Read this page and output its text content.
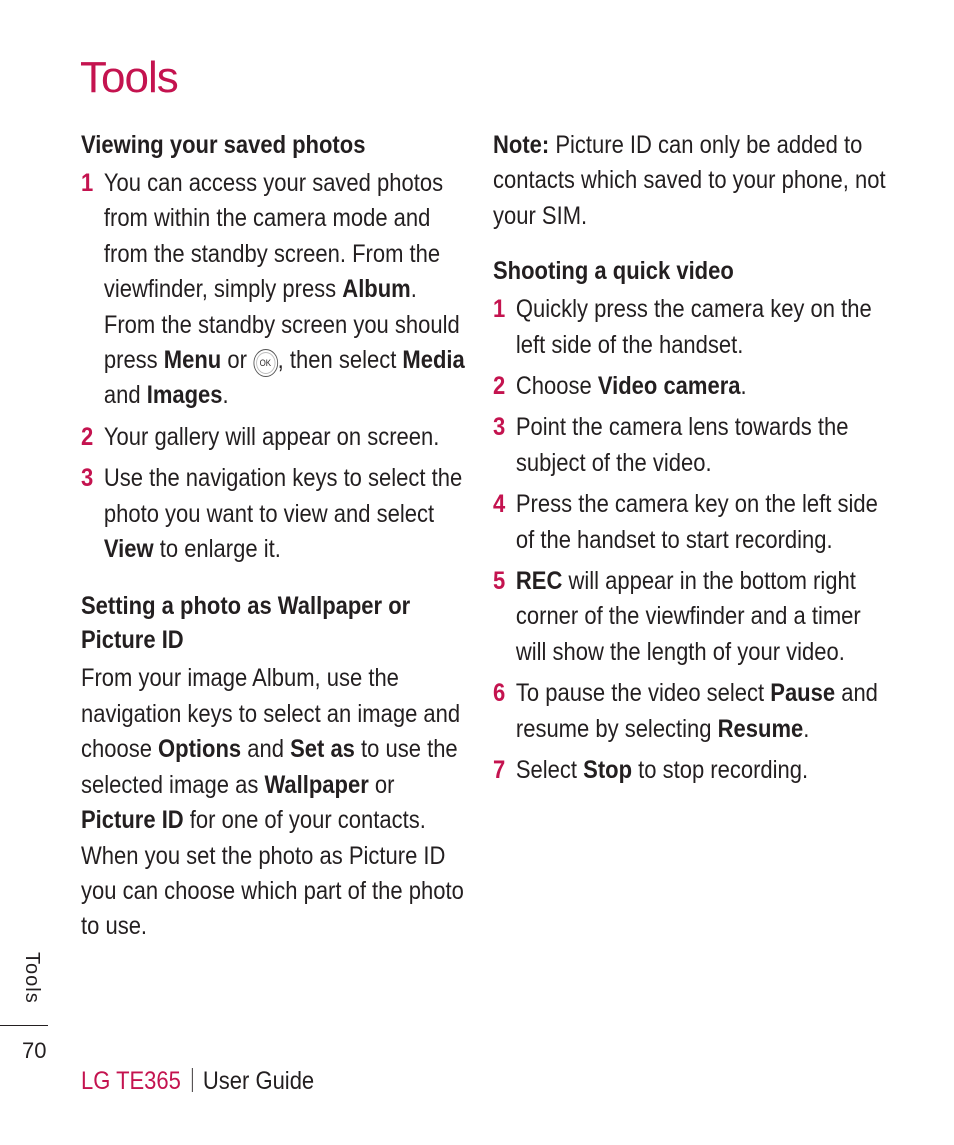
Tools
Viewing your saved photos
1 You can access your saved photos from within the camera mode and from the standby screen. From the viewfinder, simply press Album. From the standby screen you should press Menu or OK , then select Media and Images.
2 Your gallery will appear on screen.
3 Use the navigation keys to select the photo you want to view and select View to enlarge it.
Setting a photo as Wallpaper or Picture ID

From your image Album, use the navigation keys to select an image and choose Options and Set as to use the selected image as Wallpaper or Picture ID for one of your contacts. When you set the photo as Picture ID you can choose which part of the photo to use.

Note: Picture ID can only be added to contacts which saved to your phone, not your SIM.

Shooting a quick video
1 Quickly press the camera key on the left side of the handset.
2 Choose Video camera.
3 Point the camera lens towards the subject of the video.
4 Press the camera key on the left side of the handset to start recording.
5 REC will appear in the bottom right corner of the viewfinder and a timer will show the length of your video.
6 To pause the video select Pause and resume by selecting Resume.
7 Select Stop to stop recording.
Tools
70
LG TE365 User Guide
